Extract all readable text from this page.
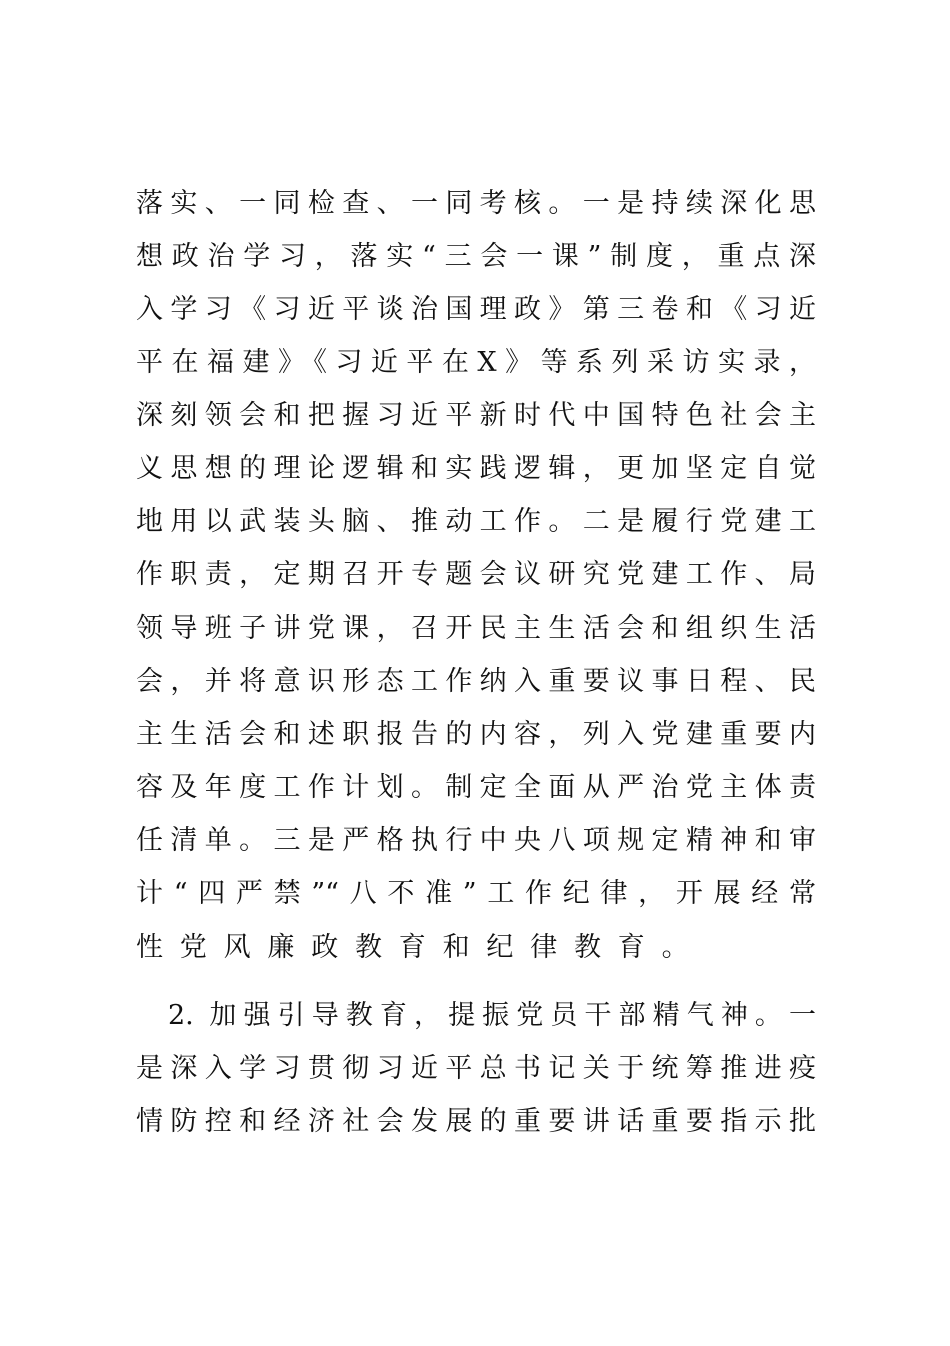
落实、一同检查、一同考核。一是持续深化思
想政治学习，落实“三会一课”制度，重点深
入学习《习近平谈治国理政》第三卷和《习近
平在福建》《习近平在X》等系列采访实录，
深刻领会和把握习近平新时代中国特色社会主
义思想的理论逻辑和实践逻辑，更加坚定自觉
地用以武装头脑、推动工作。二是履行党建工
作职责，定期召开专题会议研究党建工作、局
领导班子讲党课，召开民主生活会和组织生活
会，并将意识形态工作纳入重要议事日程、民
主生活会和述职报告的内容，列入党建重要内
容及年度工作计划。制定全面从严治党主体责
任清单。三是严格执行中央八项规定精神和审
计“四严禁”“八不准”工作纪律，开展经常
性党风廉政教育和纪律教育。
2. 加强引导教育，提振党员干部精气神。一
是深入学习贯彻习近平总书记关于统筹推进疫
情防控和经济社会发展的重要讲话重要指示批
